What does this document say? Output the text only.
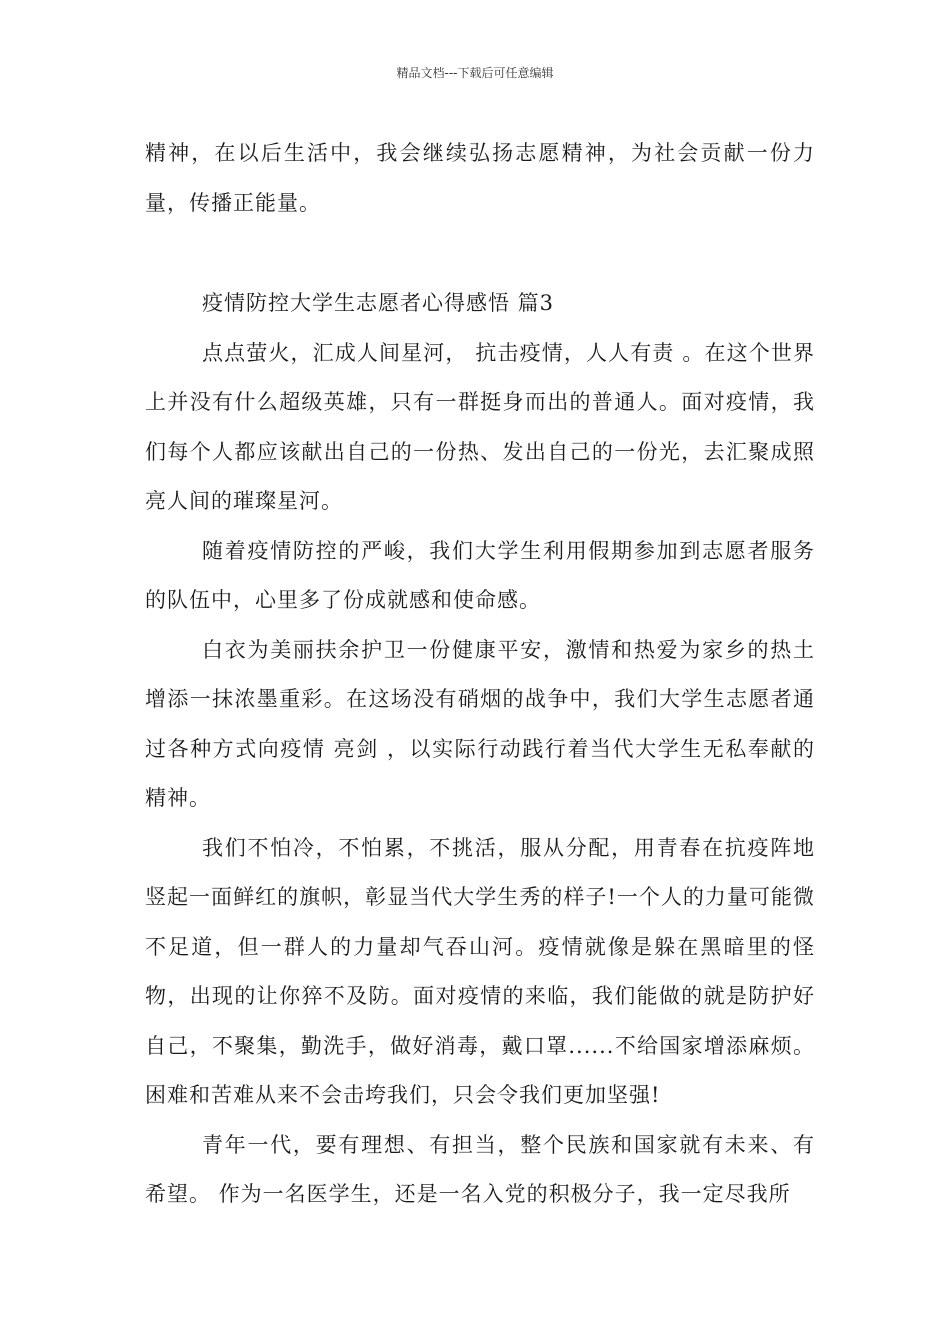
精品文档---下载后可任意编辑

精神，在以后生活中，我会继续弘扬志愿精神，为社会贡献一份力量，传播正能量。

疫情防控大学生志愿者心得感悟 篇3

点点萤火，汇成人间星河， 抗击疫情，人人有责 。在这个世界上并没有什么超级英雄，只有一群挺身而出的普通人。面对疫情，我们每个人都应该献出自己的一份热、发出自己的一份光，去汇聚成照亮人间的璀璨星河。

随着疫情防控的严峻，我们大学生利用假期参加到志愿者服务的队伍中，心里多了份成就感和使命感。

白衣为美丽扶余护卫一份健康平安，激情和热爱为家乡的热土增添一抹浓墨重彩。在这场没有硝烟的战争中，我们大学生志愿者通过各种方式向疫情 亮剑 ，以实际行动践行着当代大学生无私奉献的精神。

我们不怕冷，不怕累，不挑活，服从分配，用青春在抗疫阵地竖起一面鲜红的旗帜，彰显当代大学生秀的样子!一个人的力量可能微不足道，但一群人的力量却气吞山河。疫情就像是躲在黑暗里的怪物，出现的让你猝不及防。面对疫情的来临，我们能做的就是防护好自己，不聚集，勤洗手，做好消毒，戴口罩......不给国家增添麻烦。困难和苦难从来不会击垮我们，只会令我们更加坚强!

青年一代，要有理想、有担当，整个民族和国家就有未来、有希望。 作为一名医学生，还是一名入党的积极分子，我一定尽我所
